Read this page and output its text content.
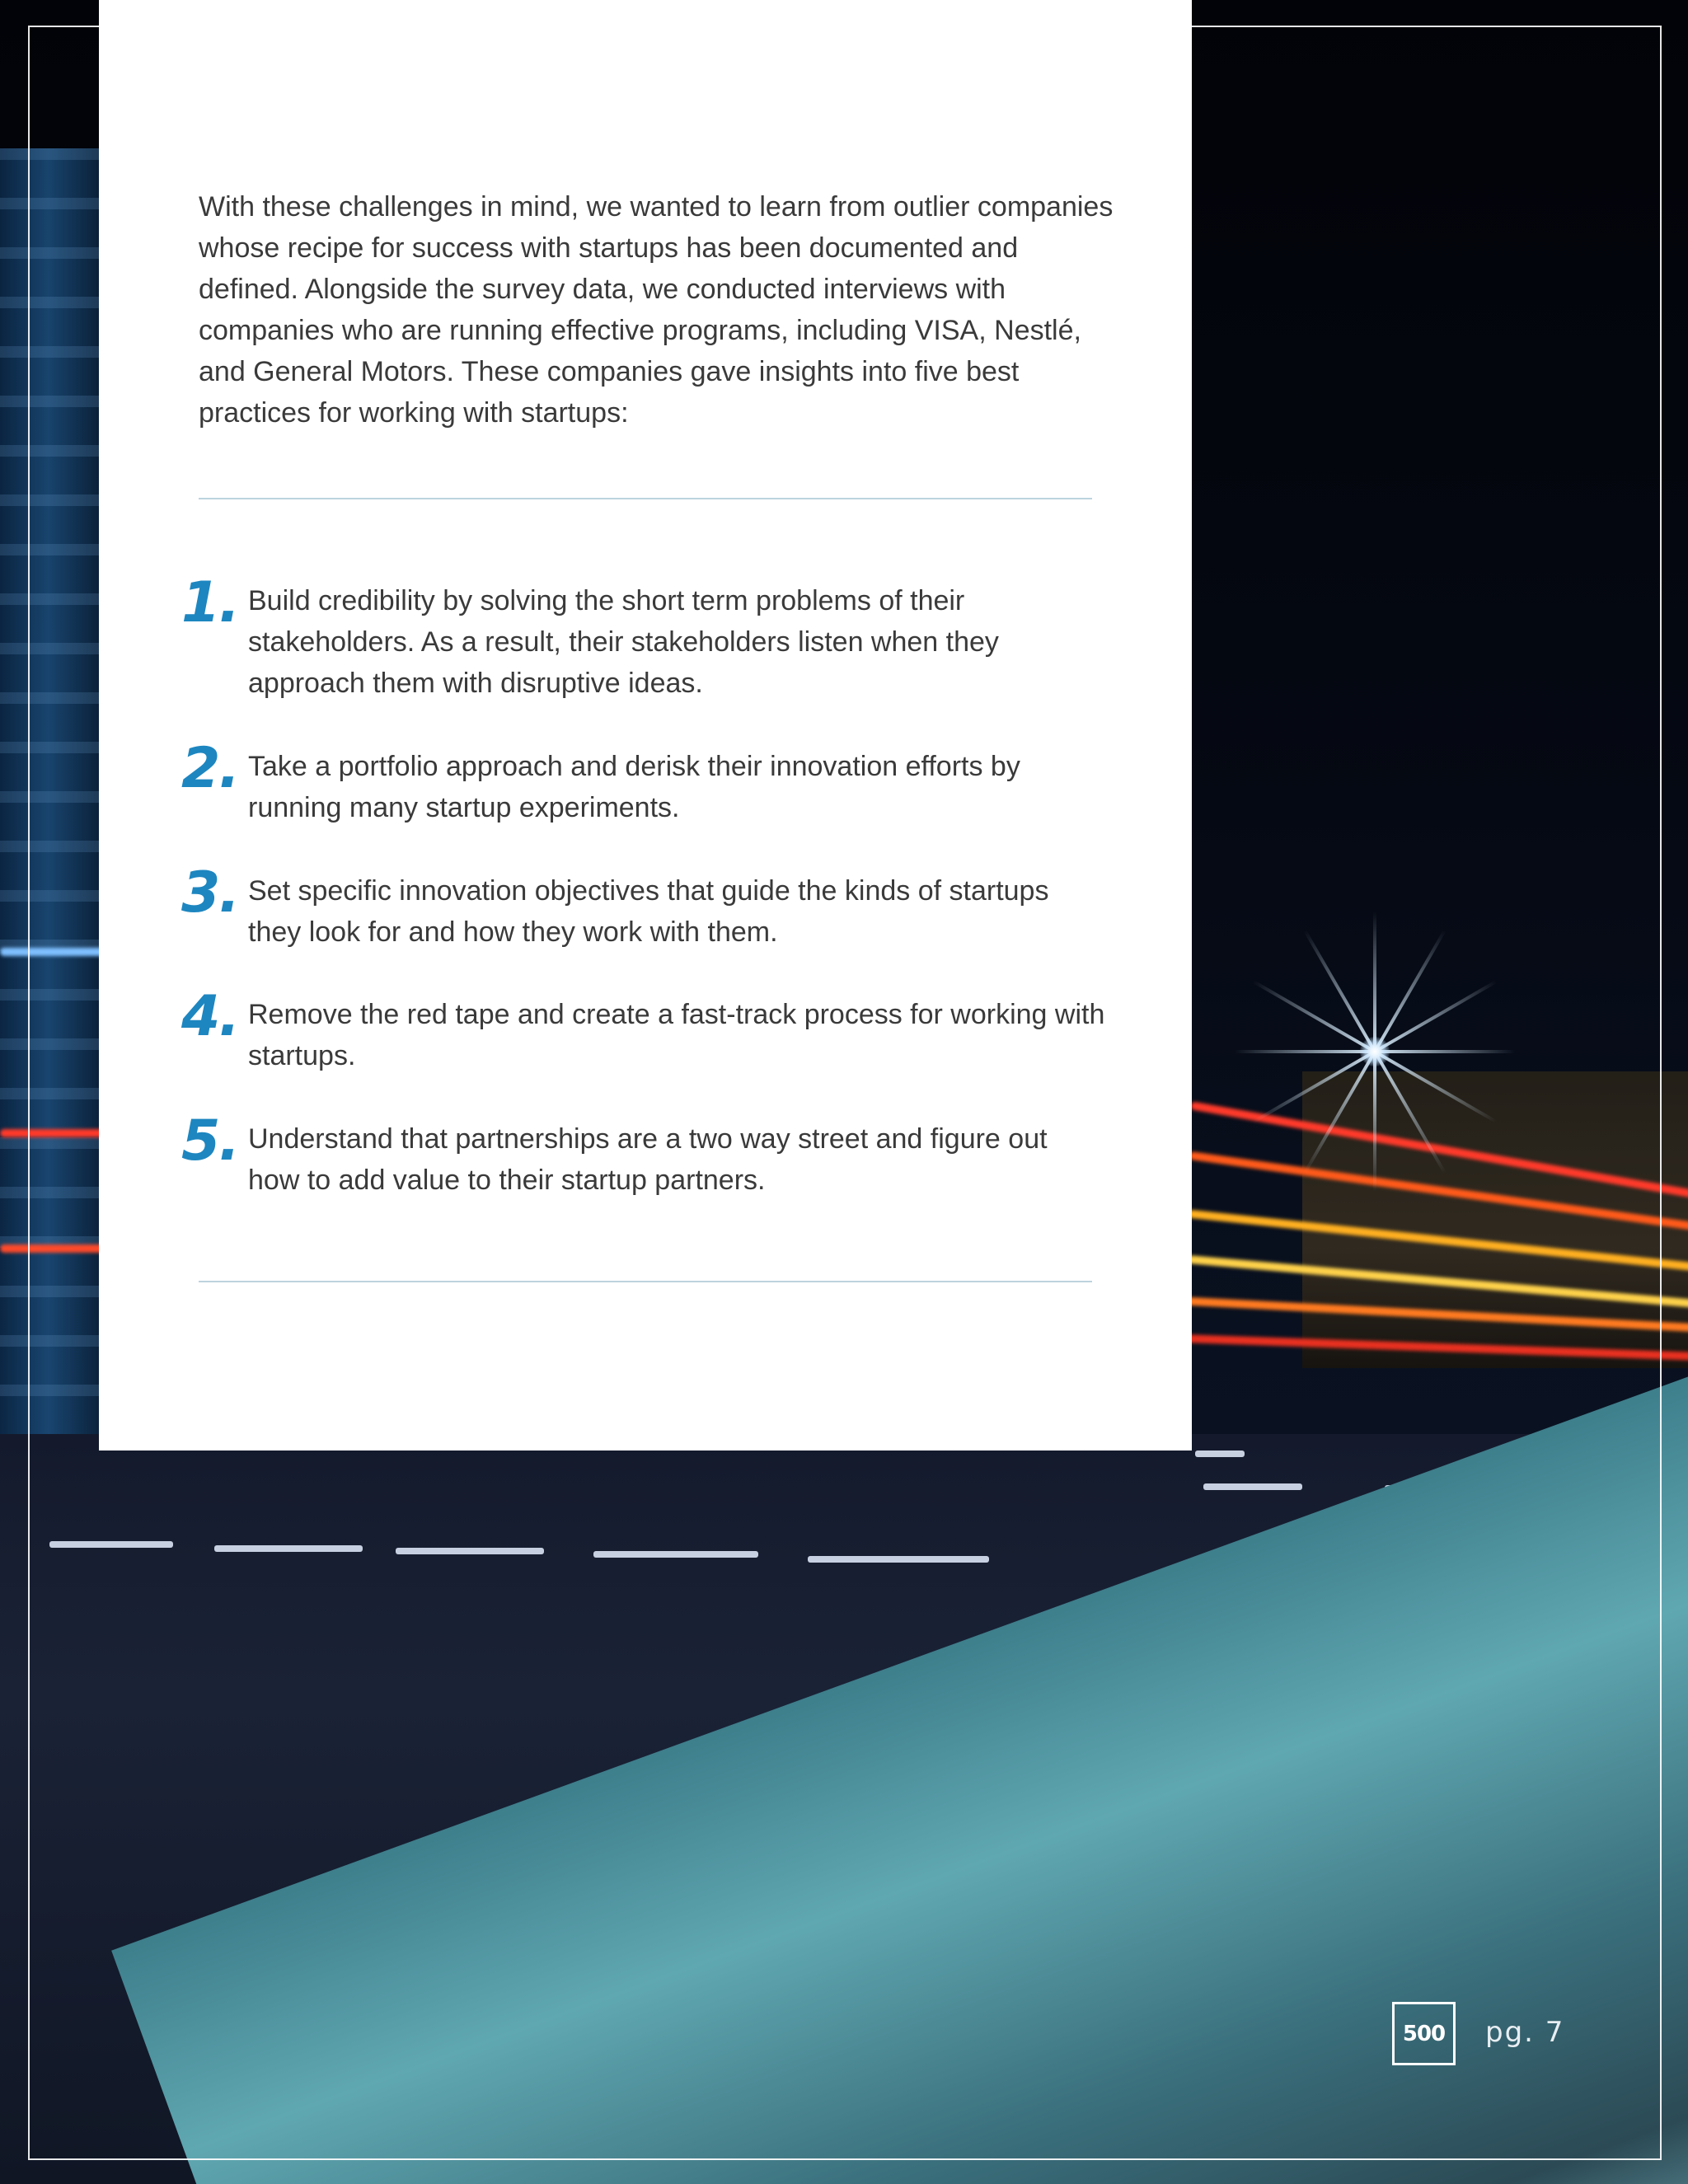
With these challenges in mind, we wanted to learn from outlier companies whose recipe for success with startups has been documented and defined. Alongside the survey data, we conducted interviews with companies who are running effective programs, including VISA, Nestlé, and General Motors. These companies gave insights into five best practices for working with startups:

1. Build credibility by solving the short term problems of their stakeholders. As a result, their stakeholders listen when they approach them with disruptive ideas.

2. Take a portfolio approach and derisk their innovation efforts by running many startup experiments.

3. Set specific innovation objectives that guide the kinds of startups they look for and how they work with them.

4. Remove the red tape and create a fast-track process for working with startups.

5. Understand that partnerships are a two way street and figure out how to add value to their startup partners.

500 pg. 7
